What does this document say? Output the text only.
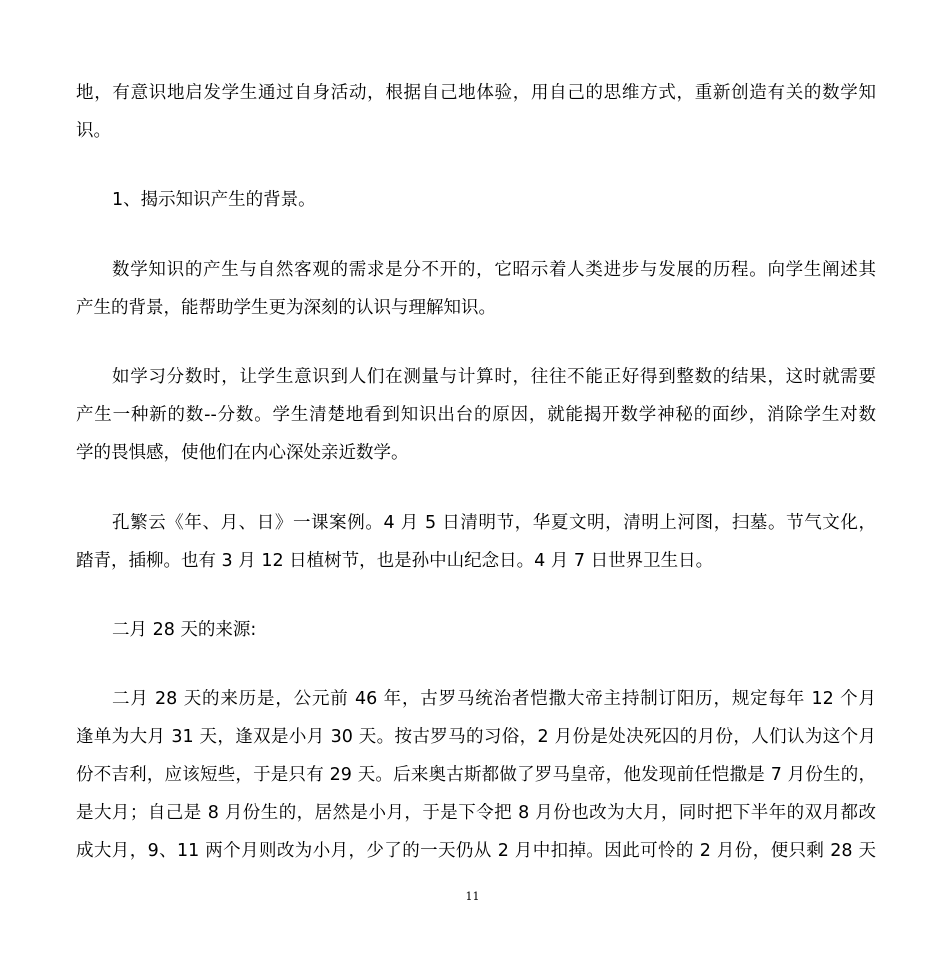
地，有意识地启发学生通过自身活动，根据自己地体验，用自己的思维方式，重新创造有关的数学知
识。
1、揭示知识产生的背景。
数学知识的产生与自然客观的需求是分不开的，它昭示着人类进步与发展的历程。向学生阐述其
产生的背景，能帮助学生更为深刻的认识与理解知识。
如学习分数时，让学生意识到人们在测量与计算时，往往不能正好得到整数的结果，这时就需要
产生一种新的数--分数。学生清楚地看到知识出台的原因，就能揭开数学神秘的面纱，消除学生对数
学的畏惧感，使他们在内心深处亲近数学。
孔繁云《年、月、日》一课案例。4 月 5 日清明节，华夏文明，清明上河图，扫墓。节气文化，
踏青，插柳。也有 3 月 12 日植树节，也是孙中山纪念日。4 月 7 日世界卫生日。
二月 28 天的来源:
二月 28 天的来历是，公元前 46 年，古罗马统治者恺撒大帝主持制订阳历，规定每年 12 个月
逢单为大月 31 天，逢双是小月 30 天。按古罗马的习俗，2 月份是处决死囚的月份，人们认为这个月
份不吉利，应该短些，于是只有 29 天。后来奥古斯都做了罗马皇帝，他发现前任恺撒是 7 月份生的，
是大月；自己是 8 月份生的，居然是小月，于是下令把 8 月份也改为大月，同时把下半年的双月都改
成大月，9、11 两个月则改为小月，少了的一天仍从 2 月中扣掉。因此可怜的 2 月份，便只剩 28 天
11
